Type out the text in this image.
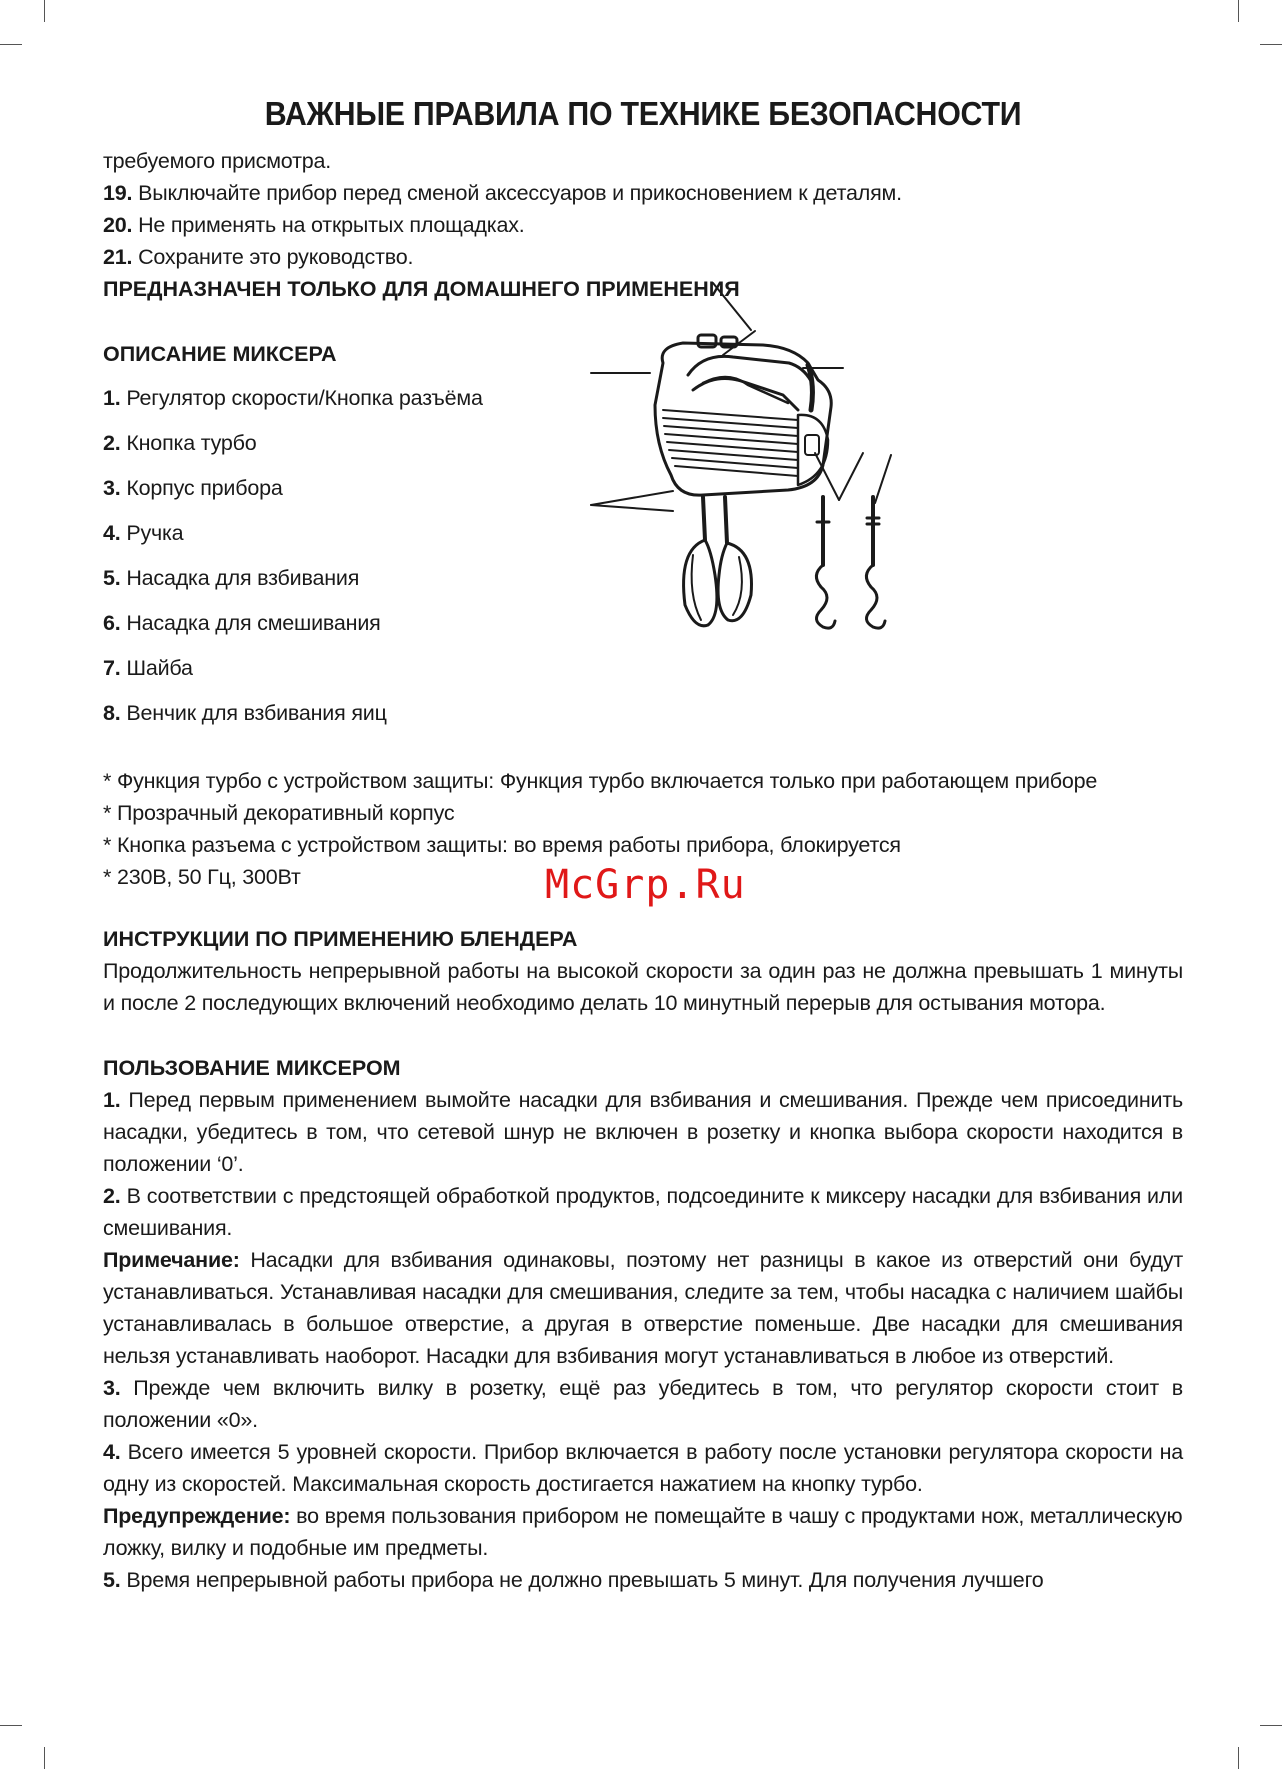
ВАЖНЫЕ ПРАВИЛА ПО ТЕХНИКЕ БЕЗОПАСНОСТИ

требуемого присмотра.

19. Выключайте прибор перед сменой аксессуаров и прикосновением к деталям.

20. Не применять на открытых площадках.

21. Сохраните это руководство.

ПРЕДНАЗНАЧЕН ТОЛЬКО ДЛЯ ДОМАШНЕГО ПРИМЕНЕНИЯ

ОПИСАНИЕ МИКСЕРА

1. Регулятор скорости/Кнопка разъёма
2. Кнопка турбо
3. Корпус прибора
4. Ручка
5. Насадка для взбивания
6. Насадка для смешивания
7. Шайба
8. Венчик для взбивания яиц

* Функция турбо с устройством защиты: Функция турбо включается только при работающем приборе

* Прозрачный декоративный корпус

* Кнопка разъема с устройством защиты: во время работы прибора, блокируется

* 230В, 50 Гц, 300Вт

ИНСТРУКЦИИ ПО ПРИМЕНЕНИЮ БЛЕНДЕРА

Продолжительность непрерывной работы на высокой скорости за один раз не должна превышать 1 минуты и после 2 последующих включений необходимо делать 10 минутный перерыв для остывания мотора.

ПОЛЬЗОВАНИЕ МИКСЕРОМ

1. Перед первым применением вымойте насадки для взбивания и смешивания. Прежде чем присоединить насадки, убедитесь в том, что сетевой шнур не включен в розетку и кнопка выбора скорости находится в положении ‘0’.

2. В соответствии с предстоящей обработкой продуктов, подсоедините к миксеру насадки для взбивания или смешивания.

Примечание: Насадки для взбивания одинаковы, поэтому нет разницы в какое из отверстий они будут устанавливаться. Устанавливая насадки для смешивания, следите за тем, чтобы насадка с наличием шайбы устанавливалась в большое отверстие, а другая в отверстие поменьше. Две насадки для смешивания нельзя устанавливать наоборот. Насадки для взбивания могут устанавливаться в любое из отверстий.

3. Прежде чем включить вилку в розетку, ещё раз убедитесь в том, что регулятор скорости стоит в положении «0».

4. Всего имеется 5 уровней скорости. Прибор включается в работу после установки регулятора скорости на одну из скоростей. Максимальная скорость достигается нажатием на кнопку турбо.

Предупреждение: во время пользования прибором не помещайте в чашу с продуктами нож, металлическую ложку, вилку и подобные им предметы.

5. Время непрерывной работы прибора не должно превышать 5 минут. Для получения лучшего

McGrp.Ru
